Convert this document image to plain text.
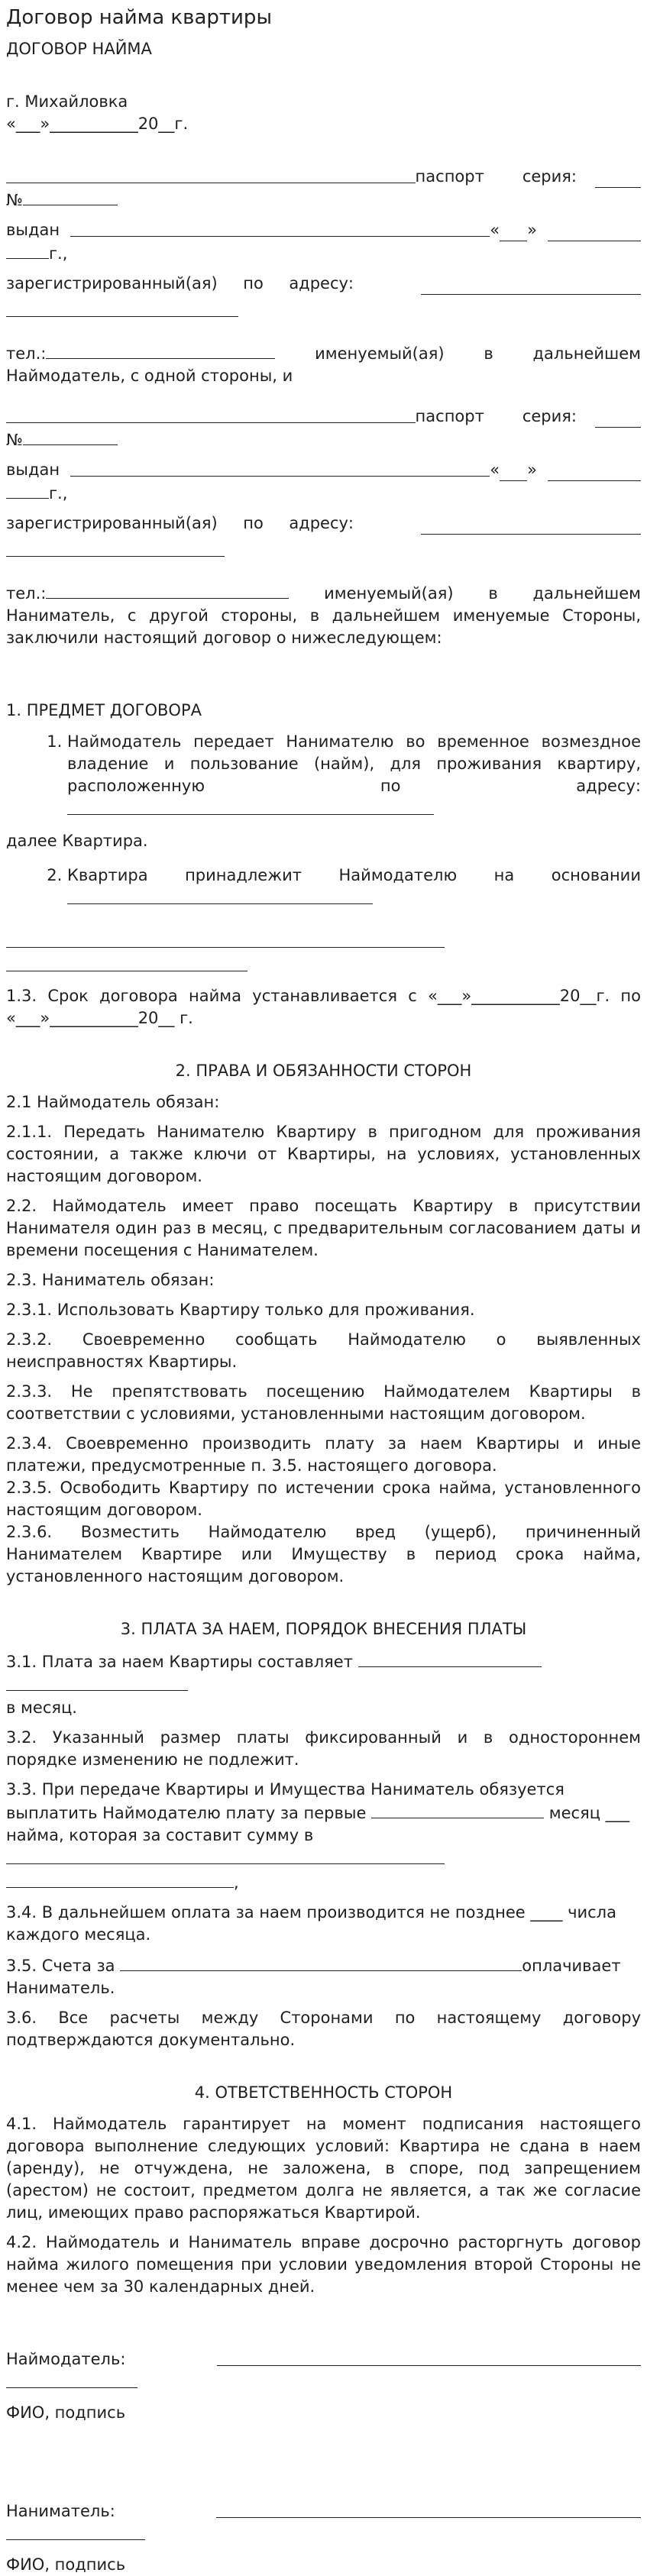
Договор найма квартиры
ДОГОВОР НАЙМА
г. Михайловка
«___»___________20__г.
паспорт серия:
№
выдан	« »
г.,
зарегистрированный(ая) по адресу:
тел.:	именуемый(ая) в дальнейшем Наймодатель, с одной стороны, и
паспорт серия:
№
выдан	« »
г.,
зарегистрированный(ая) по адресу:
тел.:	именуемый(ая) в дальнейшем Наниматель, с другой стороны, в дальнейшем именуемые Стороны, заключили настоящий договор о нижеследующем:
1. ПРЕДМЕТ ДОГОВОРА
1. Наймодатель передает Нанимателю во временное возмездное владение и пользование (найм), для проживания квартиру, расположенную по адресу:
далее Квартира.
2. Квартира принадлежит Наймодателю на основании
1.3. Срок договора найма устанавливается с «___»___________20__г. по «___»___________20__ г.
2. ПРАВА И ОБЯЗАННОСТИ СТОРОН
2.1 Наймодатель обязан:
2.1.1. Передать Нанимателю Квартиру в пригодном для проживания состоянии, а также ключи от Квартиры, на условиях, установленных настоящим договором.
2.2. Наймодатель имеет право посещать Квартиру в присутствии Нанимателя один раз в месяц, с предварительным согласованием даты и времени посещения с Нанимателем.
2.3. Наниматель обязан:
2.3.1. Использовать Квартиру только для проживания.
2.3.2. Своевременно сообщать Наймодателю о выявленных неисправностях Квартиры.
2.3.3. Не препятствовать посещению Наймодателем Квартиры в соответствии с условиями, установленными настоящим договором.
2.3.4. Своевременно производить плату за наем Квартиры и иные платежи, предусмотренные п. 3.5. настоящего договора.
2.3.5. Освободить Квартиру по истечении срока найма, установленного настоящим договором.
2.3.6. Возместить Наймодателю вред (ущерб), причиненный Нанимателем Квартире или Имуществу в период срока найма, установленного настоящим договором.
3. ПЛАТА ЗА НАЕМ, ПОРЯДОК ВНЕСЕНИЯ ПЛАТЫ
3.1. Плата за наем Квартиры составляет
в месяц.
3.2. Указанный размер платы фиксированный и в одностороннем порядке изменению не подлежит.
3.3. При передаче Квартиры и Имущества Наниматель обязуется выплатить Наймодателю плату за первые	месяц ___ найма, которая за составит сумму в  ,
3.4. В дальнейшем оплата за наем производится не позднее ____ числа каждого месяца.
3.5. Счета за	оплачивает Наниматель.
3.6. Все расчеты между Сторонами по настоящему договору подтверждаются документально.
4. ОТВЕТСТВЕННОСТЬ СТОРОН
4.1. Наймодатель гарантирует на момент подписания настоящего договора выполнение следующих условий: Квартира не сдана в наем (аренду), не отчуждена, не заложена, в споре, под запрещением (арестом) не состоит, предметом долга не является, а так же согласие лиц, имеющих право распоряжаться Квартирой.
4.2. Наймодатель и Наниматель вправе досрочно расторгнуть договор найма жилого помещения при условии уведомления второй Стороны не менее чем за 30 календарных дней.
Наймодатель:
ФИО, подпись
Наниматель:
ФИО, подпись
